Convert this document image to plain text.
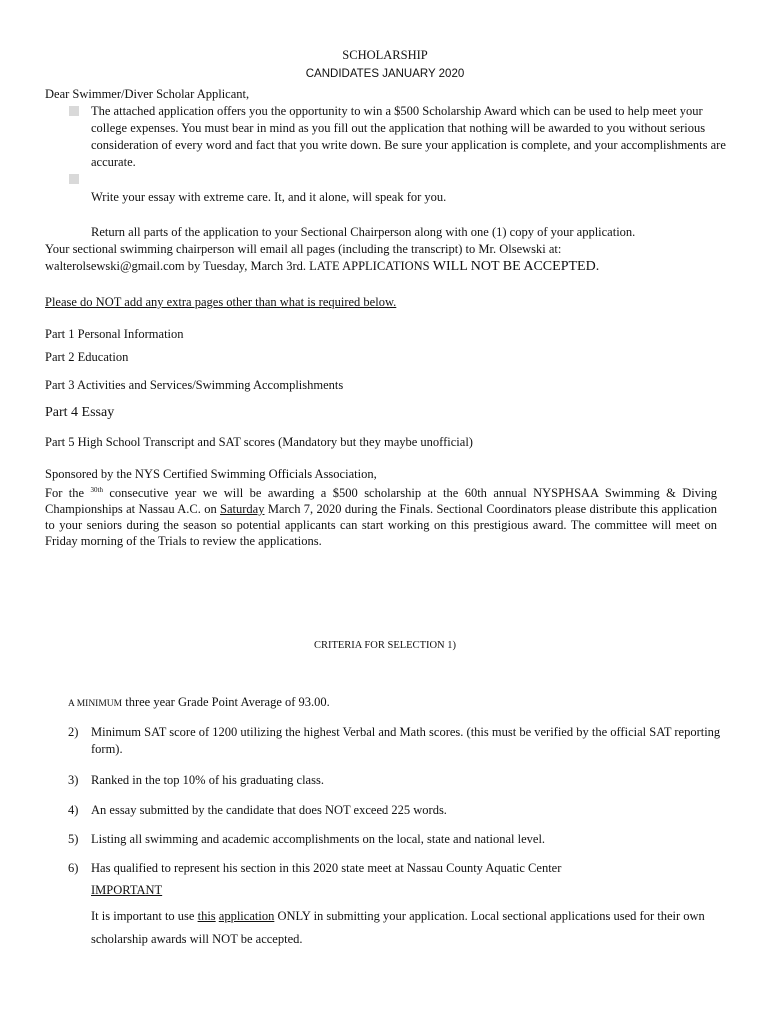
SCHOLARSHIP
CANDIDATES JANUARY 2020
Dear Swimmer/Diver Scholar Applicant,
The attached application offers you the opportunity to win a $500 Scholarship Award which can be used to help meet your college expenses. You must bear in mind as you fill out the application that nothing will be awarded to you without serious consideration of every word and fact that you write down. Be sure your application is complete, and your accomplishments are accurate.
Write your essay with extreme care. It, and it alone, will speak for you.
Return all parts of the application to your Sectional Chairperson along with one (1) copy of your application.
Your sectional swimming chairperson will email all pages (including the transcript) to Mr. Olsewski at:
walterolsewski@gmail.com by Tuesday, March 3rd. LATE APPLICATIONS WILL NOT BE ACCEPTED.
Please do NOT add any extra pages other than what is required below.
Part 1 Personal Information
Part 2 Education
Part 3 Activities and Services/Swimming Accomplishments
Part 4 Essay
Part 5 High School Transcript and SAT scores (Mandatory but they maybe unofficial)
Sponsored by the NYS Certified Swimming Officials Association,
For the $^{30th}$ consecutive year we will be awarding a $500 scholarship at the 60th annual NYSPHSAA Swimming & Diving Championships at Nassau A.C. on Saturday March 7, 2020 during the Finals. Sectional Coordinators please distribute this application to your seniors during the season so potential applicants can start working on this prestigious award. The committee will meet on Friday morning of the Trials to review the applications.
CRITERIA FOR SELECTION 1)
A MINIMUM three year Grade Point Average of 93.00.
2) Minimum SAT score of 1200 utilizing the highest Verbal and Math scores. (this must be verified by the official SAT reporting form).
3) Ranked in the top 10% of his graduating class.
4) An essay submitted by the candidate that does NOT exceed 225 words.
5) Listing all swimming and academic accomplishments on the local, state and national level.
6) Has qualified to represent his section in this 2020 state meet at Nassau County Aquatic Center
IMPORTANT
It is important to use this application ONLY in submitting your application. Local sectional applications used for their own scholarship awards will NOT be accepted.
